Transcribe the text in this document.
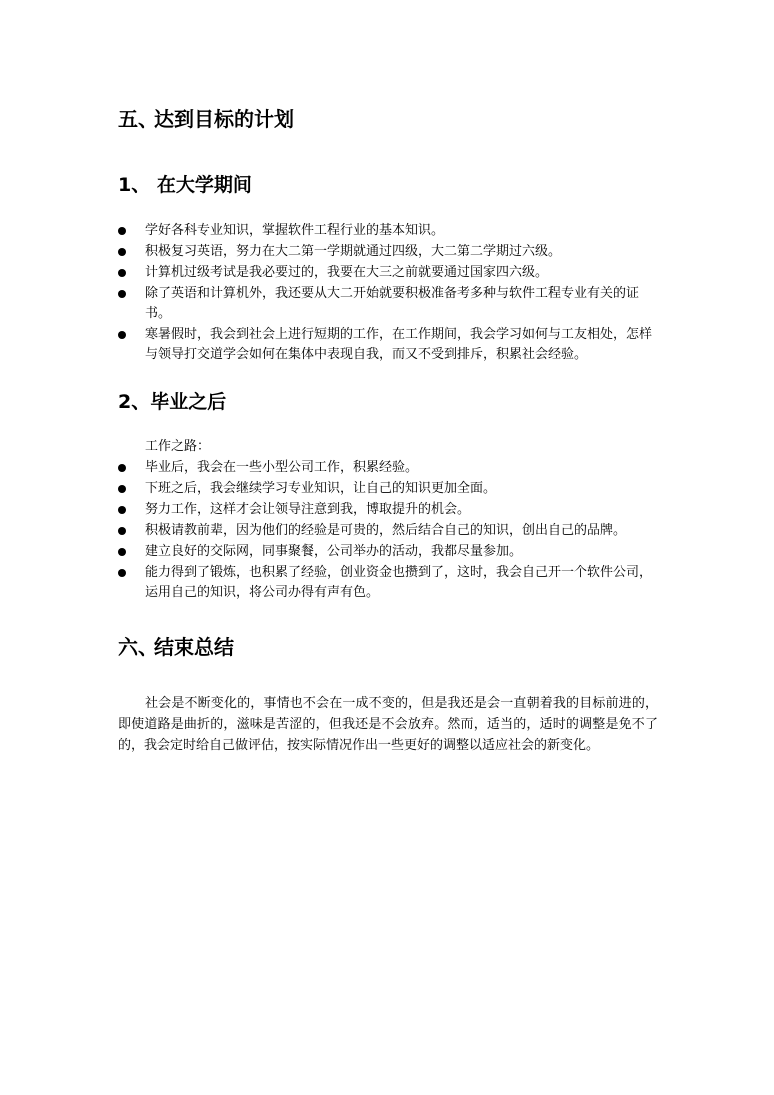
五、达到目标的计划
1、 在大学期间
学好各科专业知识，掌握软件工程行业的基本知识。
积极复习英语，努力在大二第一学期就通过四级，大二第二学期过六级。
计算机过级考试是我必要过的，我要在大三之前就要通过国家四六级。
除了英语和计算机外，我还要从大二开始就要积极准备考多种与软件工程专业有关的证书。
寒暑假时，我会到社会上进行短期的工作，在工作期间，我会学习如何与工友相处，怎样与领导打交道学会如何在集体中表现自我，而又不受到排斥，积累社会经验。
2、毕业之后
工作之路：
毕业后，我会在一些小型公司工作，积累经验。
下班之后，我会继续学习专业知识，让自己的知识更加全面。
努力工作，这样才会让领导注意到我，博取提升的机会。
积极请教前辈，因为他们的经验是可贵的，然后结合自己的知识，创出自己的品牌。
建立良好的交际网，同事聚餐，公司举办的活动，我都尽量参加。
能力得到了锻炼，也积累了经验，创业资金也攒到了，这时，我会自己开一个软件公司，运用自己的知识，将公司办得有声有色。
六、结束总结

社会是不断变化的，事情也不会在一成不变的，但是我还是会一直朝着我的目标前进的，即使道路是曲折的，滋味是苦涩的，但我还是不会放弃。然而，适当的，适时的调整是免不了的，我会定时给自己做评估，按实际情况作出一些更好的调整以适应社会的新变化。
